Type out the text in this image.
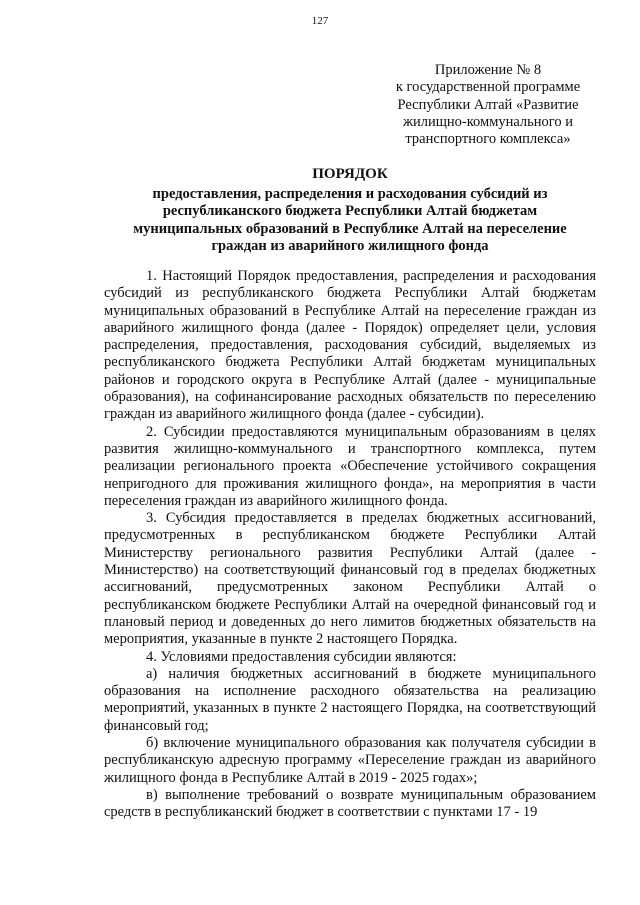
127
Приложение № 8
к государственной программе
Республики Алтай «Развитие
жилищно-коммунального и
транспортного комплекса»
ПОРЯДОК
предоставления, распределения и расходования субсидий из
республиканского бюджета Республики Алтай бюджетам
муниципальных образований в Республике Алтай на переселение
граждан из аварийного жилищного фонда

1. Настоящий Порядок предоставления, распределения и расходования субсидий из республиканского бюджета Республики Алтай бюджетам муниципальных образований в Республике Алтай на переселение граждан из аварийного жилищного фонда (далее - Порядок) определяет цели, условия распределения, предоставления, расходования субсидий, выделяемых из республиканского бюджета Республики Алтай бюджетам муниципальных районов и городского округа в Республике Алтай (далее - муниципальные образования), на софинансирование расходных обязательств по переселению граждан из аварийного жилищного фонда (далее - субсидии).

2. Субсидии предоставляются муниципальным образованиям в целях развития жилищно-коммунального и транспортного комплекса, путем реализации регионального проекта «Обеспечение устойчивого сокращения непригодного для проживания жилищного фонда», на мероприятия в части переселения граждан из аварийного жилищного фонда.

3. Субсидия предоставляется в пределах бюджетных ассигнований, предусмотренных в республиканском бюджете Республики Алтай Министерству регионального развития Республики Алтай (далее - Министерство) на соответствующий финансовый год в пределах бюджетных ассигнований, предусмотренных законом Республики Алтай о республиканском бюджете Республики Алтай на очередной финансовый год и плановый период и доведенных до него лимитов бюджетных обязательств на мероприятия, указанные в пункте 2 настоящего Порядка.

4. Условиями предоставления субсидии являются:

а) наличия бюджетных ассигнований в бюджете муниципального образования на исполнение расходного обязательства на реализацию мероприятий, указанных в пункте 2 настоящего Порядка, на соответствующий финансовый год;

б) включение муниципального образования как получателя субсидии в республиканскую адресную программу «Переселение граждан из аварийного жилищного фонда в Республике Алтай в 2019 - 2025 годах»;

в) выполнение требований о возврате муниципальным образованием средств в республиканский бюджет в соответствии с пунктами 17 - 19
